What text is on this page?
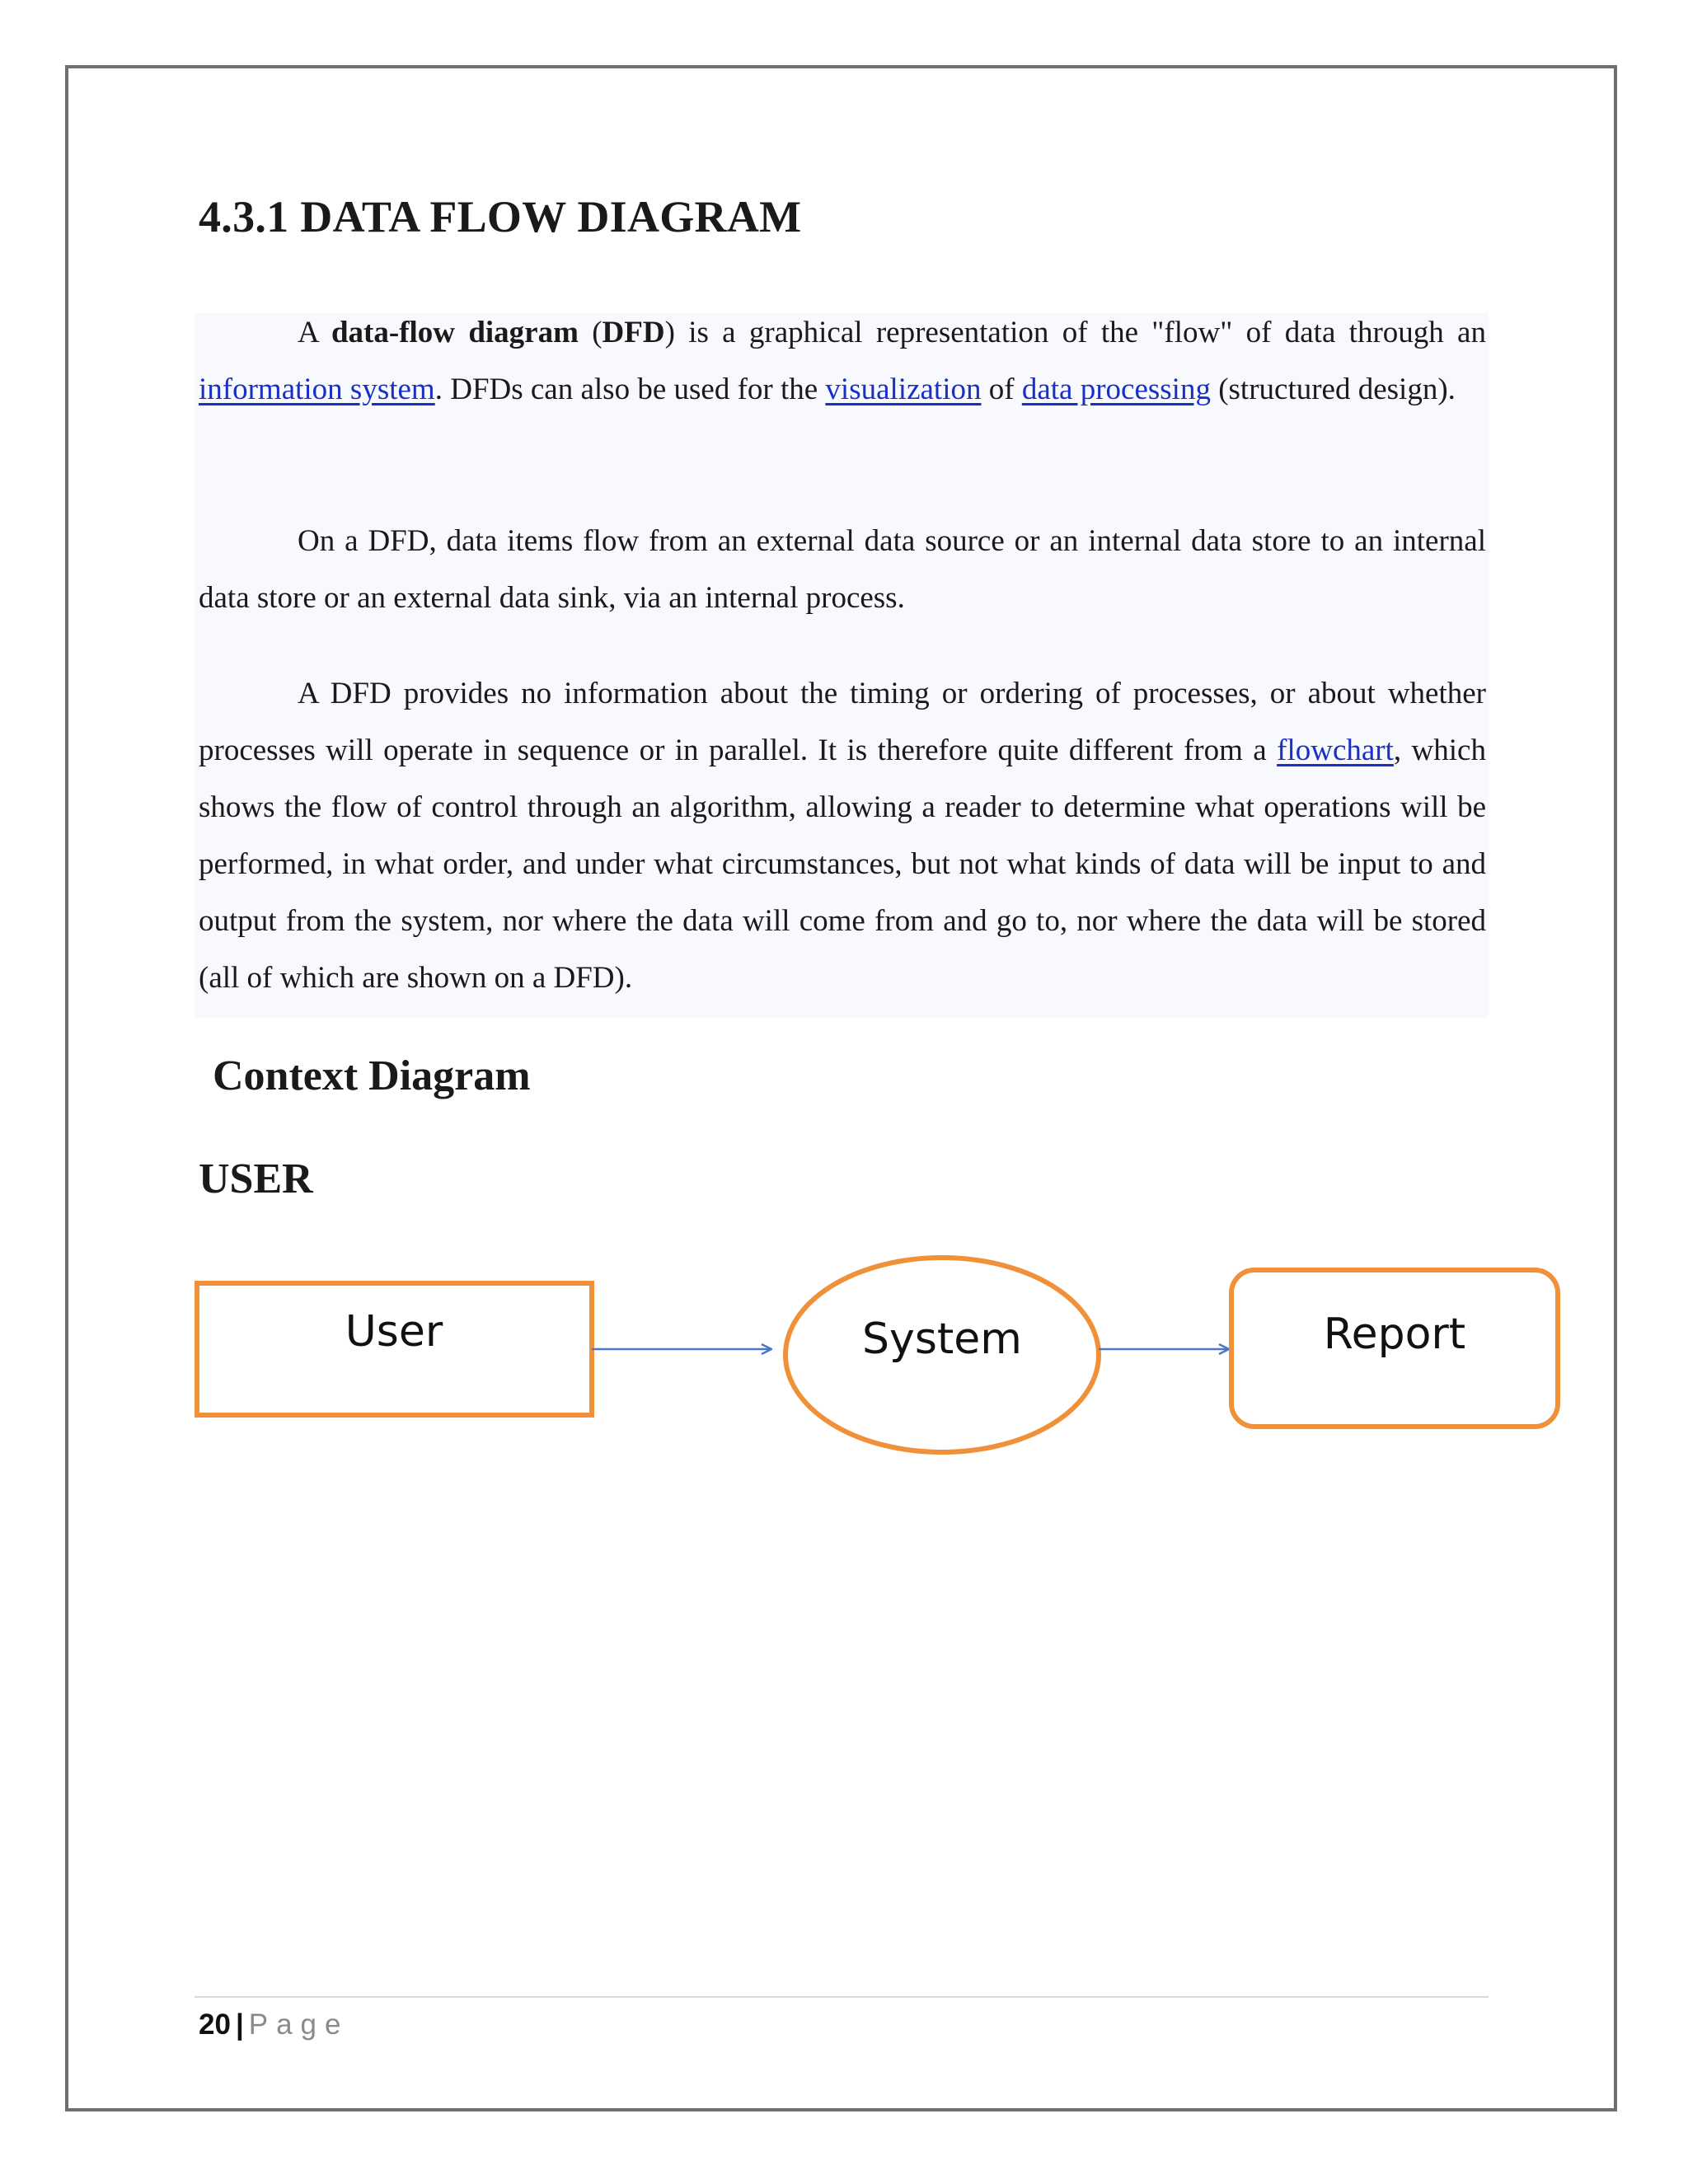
4.3.1 DATA FLOW DIAGRAM

A data-flow diagram (DFD) is a graphical representation of the "flow" of data through an information system. DFDs can also be used for the visualization of data processing (structured design).

On a DFD, data items flow from an external data source or an internal data store to an internal data store or an external data sink, via an internal process.

A DFD provides no information about the timing or ordering of processes, or about whether processes will operate in sequence or in parallel. It is therefore quite different from a flowchart, which shows the flow of control through an algorithm, allowing a reader to determine what operations will be performed, in what order, and under what circumstances, but not what kinds of data will be input to and output from the system, nor where the data will come from and go to, nor where the data will be stored (all of which are shown on a DFD).

Context Diagram
USER
User	System	Report

20 | Page
